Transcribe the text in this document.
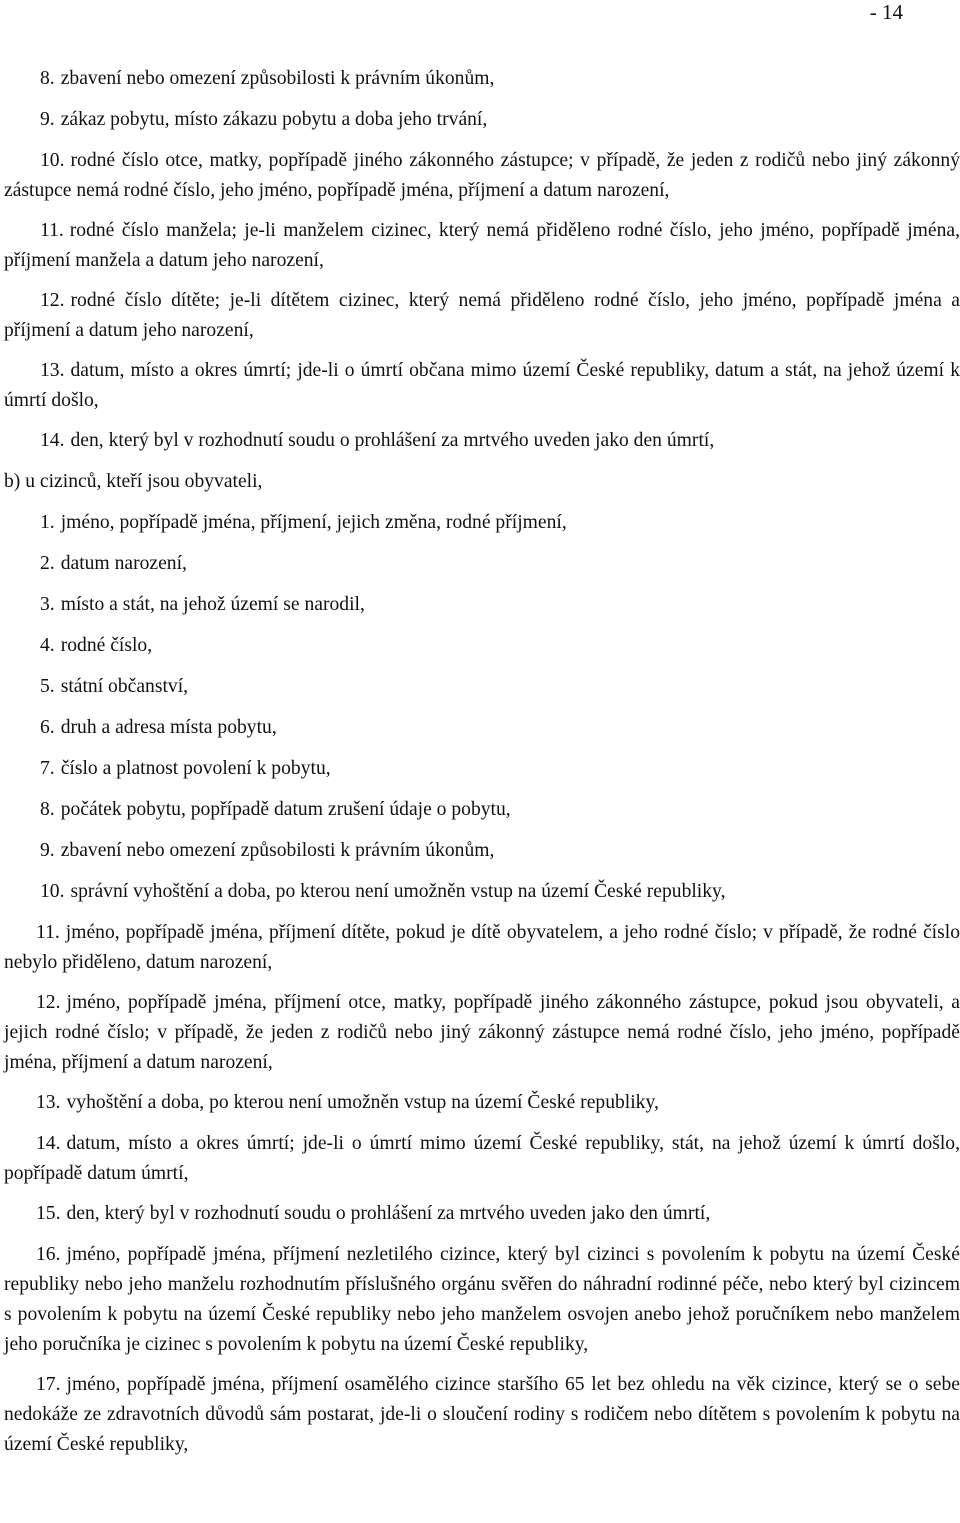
- 14
8. zbavení nebo omezení způsobilosti k právním úkonům,
9. zákaz pobytu, místo zákazu pobytu a doba jeho trvání,
10. rodné číslo otce, matky, popřípadě jiného zákonného zástupce; v případě, že jeden z rodičů nebo jiný zákonný zástupce nemá rodné číslo, jeho jméno, popřípadě jména, příjmení a datum narození,
11. rodné číslo manžela; je-li manželem cizinec, který nemá přiděleno rodné číslo, jeho jméno, popřípadě jména, příjmení manžela a datum jeho narození,
12. rodné číslo dítěte; je-li dítětem cizinec, který nemá přiděleno rodné číslo, jeho jméno, popřípadě jména a příjmení a datum jeho narození,
13. datum, místo a okres úmrtí; jde-li o úmrtí občana mimo území České republiky, datum a stát, na jehož území k úmrtí došlo,
14. den, který byl v rozhodnutí soudu o prohlášení za mrtvého uveden jako den úmrtí,
b) u cizinců, kteří jsou obyvateli,
1. jméno, popřípadě jména, příjmení, jejich změna, rodné příjmení,
2. datum narození,
3. místo a stát, na jehož území se narodil,
4. rodné číslo,
5. státní občanství,
6. druh a adresa místa pobytu,
7. číslo a platnost povolení k pobytu,
8. počátek pobytu, popřípadě datum zrušení údaje o pobytu,
9. zbavení nebo omezení způsobilosti k právním úkonům,
10. správní vyhoštění a doba, po kterou není umožněn vstup na území České republiky,
11. jméno, popřípadě jména, příjmení dítěte, pokud je dítě obyvatelem, a jeho rodné číslo; v případě, že rodné číslo nebylo přiděleno, datum narození,
12. jméno, popřípadě jména, příjmení otce, matky, popřípadě jiného zákonného zástupce, pokud jsou obyvateli, a jejich rodné číslo; v případě, že jeden z rodičů nebo jiný zákonný zástupce nemá rodné číslo, jeho jméno, popřípadě jména, příjmení a datum narození,
13. vyhoštění a doba, po kterou není umožněn vstup na území České republiky,
14. datum, místo a okres úmrtí; jde-li o úmrtí mimo území České republiky, stát, na jehož území k úmrtí došlo, popřípadě datum úmrtí,
15. den, který byl v rozhodnutí soudu o prohlášení za mrtvého uveden jako den úmrtí,
16. jméno, popřípadě jména, příjmení nezletilého cizince, který byl cizinci s povolením k pobytu na území České republiky nebo jeho manželu rozhodnutím příslušného orgánu svěřen do náhradní rodinné péče, nebo který byl cizincem s povolením k pobytu na území České republiky nebo jeho manželem osvojen anebo jehož poručníkem nebo manželem jeho poručníka je cizinec s povolením k pobytu na území České republiky,
17. jméno, popřípadě jména, příjmení osamělého cizince staršího 65 let bez ohledu na věk cizince, který se o sebe nedokáže ze zdravotních důvodů sám postarat, jde-li o sloučení rodiny s rodičem nebo dítětem s povolením k pobytu na území České republiky,
